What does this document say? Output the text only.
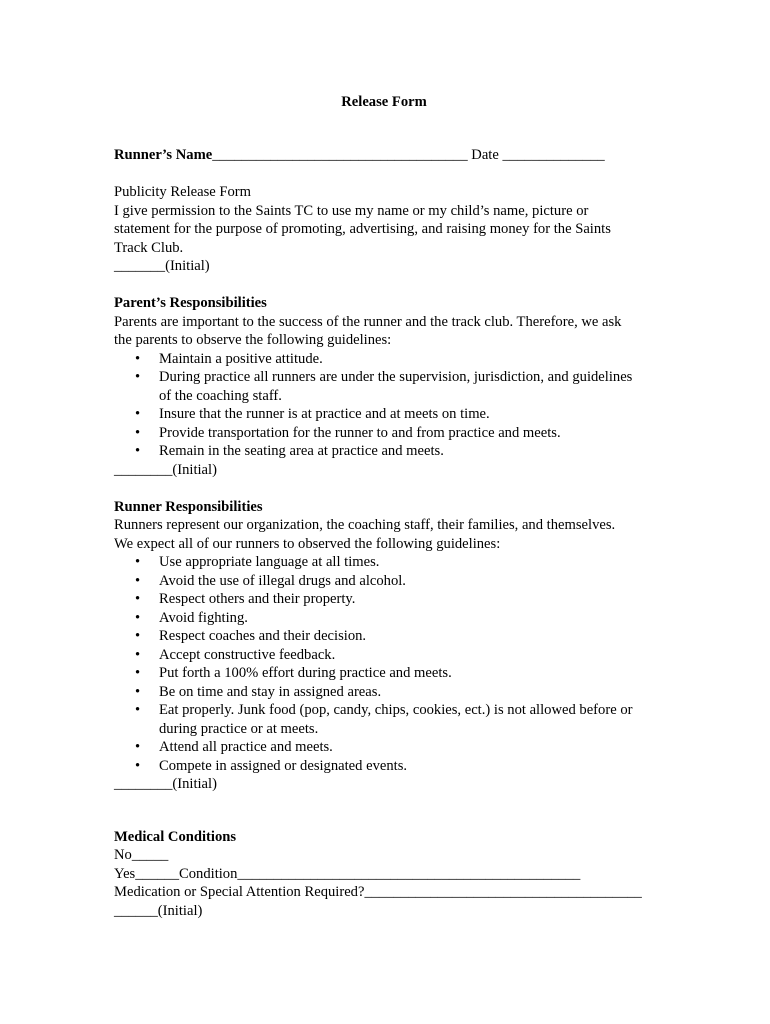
Release Form
Runner’s Name___________________________________ Date ______________

Publicity Release Form

I give permission to the Saints TC to use my name or my child’s name, picture or

statement for the purpose of promoting, advertising, and raising money for the Saints

Track Club.

_______(Initial)

Parent’s Responsibilities

Parents are important to the success of the runner and the track club. Therefore, we ask

the parents to observe the following guidelines:

• Maintain a positive attitude.
• During practice all runners are under the supervision, jurisdiction, and guidelines
of the coaching staff.
• Insure that the runner is at practice and at meets on time.
• Provide transportation for the runner to and from practice and meets.
• Remain in the seating area at practice and meets.

________(Initial)

Runner Responsibilities

Runners represent our organization, the coaching staff, their families, and themselves.

We expect all of our runners to observed the following guidelines:

• Use appropriate language at all times.
• Avoid the use of illegal drugs and alcohol.
• Respect others and their property.
• Avoid fighting.
• Respect coaches and their decision.
• Accept constructive feedback.
• Put forth a 100% effort during practice and meets.
• Be on time and stay in assigned areas.
• Eat properly. Junk food (pop, candy, chips, cookies, ect.) is not allowed before or
during practice or at meets.
• Attend all practice and meets.
• Compete in assigned or designated events.

________(Initial)

Medical Conditions

No_____

Yes______Condition_______________________________________________

Medication or Special Attention Required?______________________________________

______(Initial)
